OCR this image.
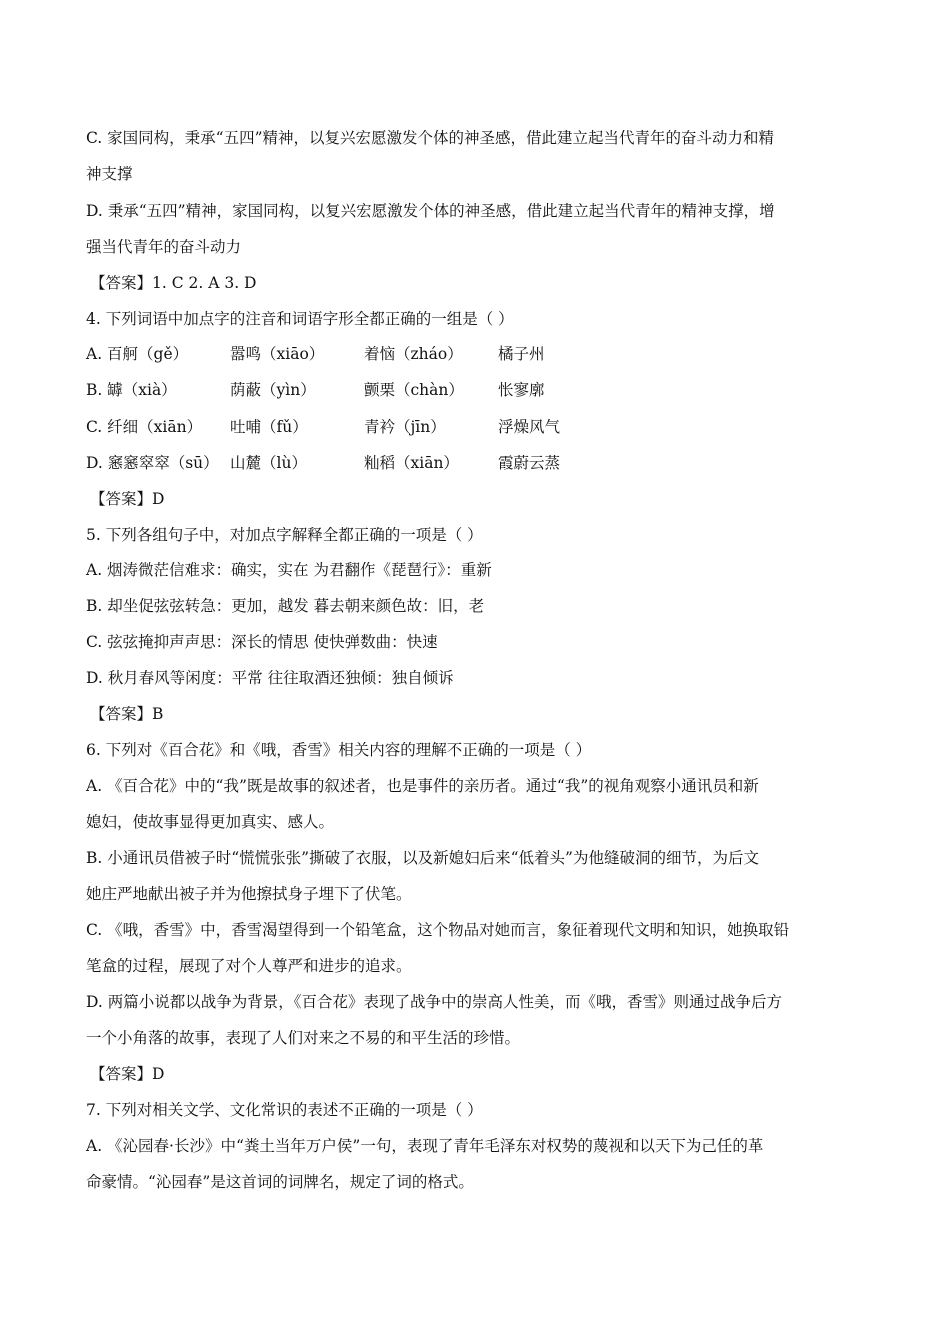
C. 家国同构，秉承“五四”精神，以复兴宏愿激发个体的神圣感，借此建立起当代青年的奋斗动力和精
神支撑
D. 秉承“五四”精神，家国同构，以复兴宏愿激发个体的神圣感，借此建立起当代青年的精神支撑，增
强当代青年的奋斗动力
【答案】1. C 2. A 3. D
4. 下列词语中加点字的注音和词语字形全都正确的一组是（ ）
A. 百舸（gě）	嚣鸣（xiāo）	着恼（zháo） 橘子州
B. 罅（xià）	荫蔽（yìn）	颤栗（chàn） 怅寥廓
C. 纤细（xiān） 吐哺（fǔ）	青衿（jīn）	浮燥风气
D. 窸窸窣窣（sū） 山麓（lù）	籼稻（xiān）	霞蔚云蒸
【答案】D
5. 下列各组句子中，对加点字解释全都正确的一项是（ ）
A. 烟涛微茫信难求：确实，实在 为君翻作《琵琶行》：重新
B. 却坐促弦弦转急：更加，越发 暮去朝来颜色故：旧，老
C. 弦弦掩抑声声思：深长的情思 使快弹数曲：快速
D. 秋月春风等闲度：平常 往往取酒还独倾：独自倾诉
【答案】B
6. 下列对《百合花》和《哦，香雪》相关内容的理解不正确的一项是（ ）
A. 《百合花》中的“我”既是故事的叙述者，也是事件的亲历者。通过“我”的视角观察小通讯员和新
媳妇，使故事显得更加真实、感人。
B. 小通讯员借被子时“慌慌张张”撕破了衣服，以及新媳妇后来“低着头”为他缝破洞的细节，为后文
她庄严地献出被子并为他擦拭身子埋下了伏笔。
C. 《哦，香雪》中，香雪渴望得到一个铅笔盒，这个物品对她而言，象征着现代文明和知识，她换取铅
笔盒的过程，展现了对个人尊严和进步的追求。
D. 两篇小说都以战争为背景，《百合花》表现了战争中的崇高人性美，而《哦，香雪》则通过战争后方
一个小角落的故事，表现了人们对来之不易的和平生活的珍惜。
【答案】D
7. 下列对相关文学、文化常识的表述不正确的一项是（ ）
A. 《沁园春·长沙》中“粪土当年万户侯”一句，表现了青年毛泽东对权势的蔑视和以天下为己任的革
命豪情。“沁园春”是这首词的词牌名，规定了词的格式。
